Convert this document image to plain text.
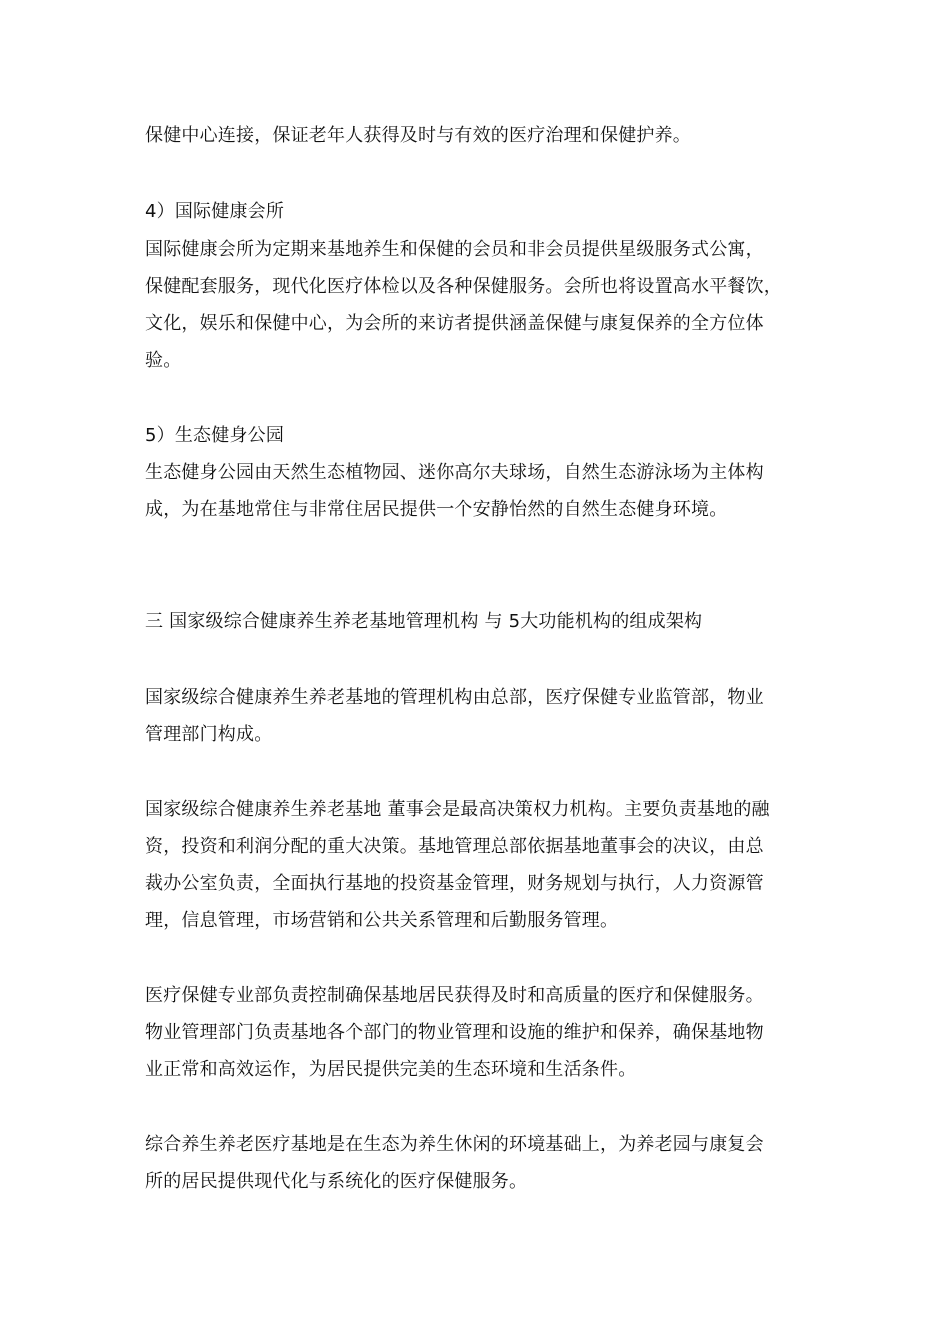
保健中心连接，保证老年人获得及时与有效的医疗治理和保健护养。
4）国际健康会所
国际健康会所为定期来基地养生和保健的会员和非会员提供星级服务式公寓，
保健配套服务，现代化医疗体检以及各种保健服务。会所也将设置高水平餐饮，
文化，娱乐和保健中心，为会所的来访者提供涵盖保健与康复保养的全方位体
验。
5）生态健身公园
生态健身公园由天然生态植物园、迷你高尔夫球场，自然生态游泳场为主体构
成，为在基地常住与非常住居民提供一个安静怡然的自然生态健身环境。
三 国家级综合健康养生养老基地管理机构 与 5大功能机构的组成架构
国家级综合健康养生养老基地的管理机构由总部，医疗保健专业监管部，物业
管理部门构成。
国家级综合健康养生养老基地 董事会是最高决策权力机构。主要负责基地的融
资，投资和利润分配的重大决策。基地管理总部依据基地董事会的决议，由总
裁办公室负责，全面执行基地的投资基金管理，财务规划与执行，人力资源管
理，信息管理，市场营销和公共关系管理和后勤服务管理。
医疗保健专业部负责控制确保基地居民获得及时和高质量的医疗和保健服务。
物业管理部门负责基地各个部门的物业管理和设施的维护和保养，确保基地物
业正常和高效运作，为居民提供完美的生态环境和生活条件。
综合养生养老医疗基地是在生态为养生休闲的环境基础上，为养老园与康复会
所的居民提供现代化与系统化的医疗保健服务。
